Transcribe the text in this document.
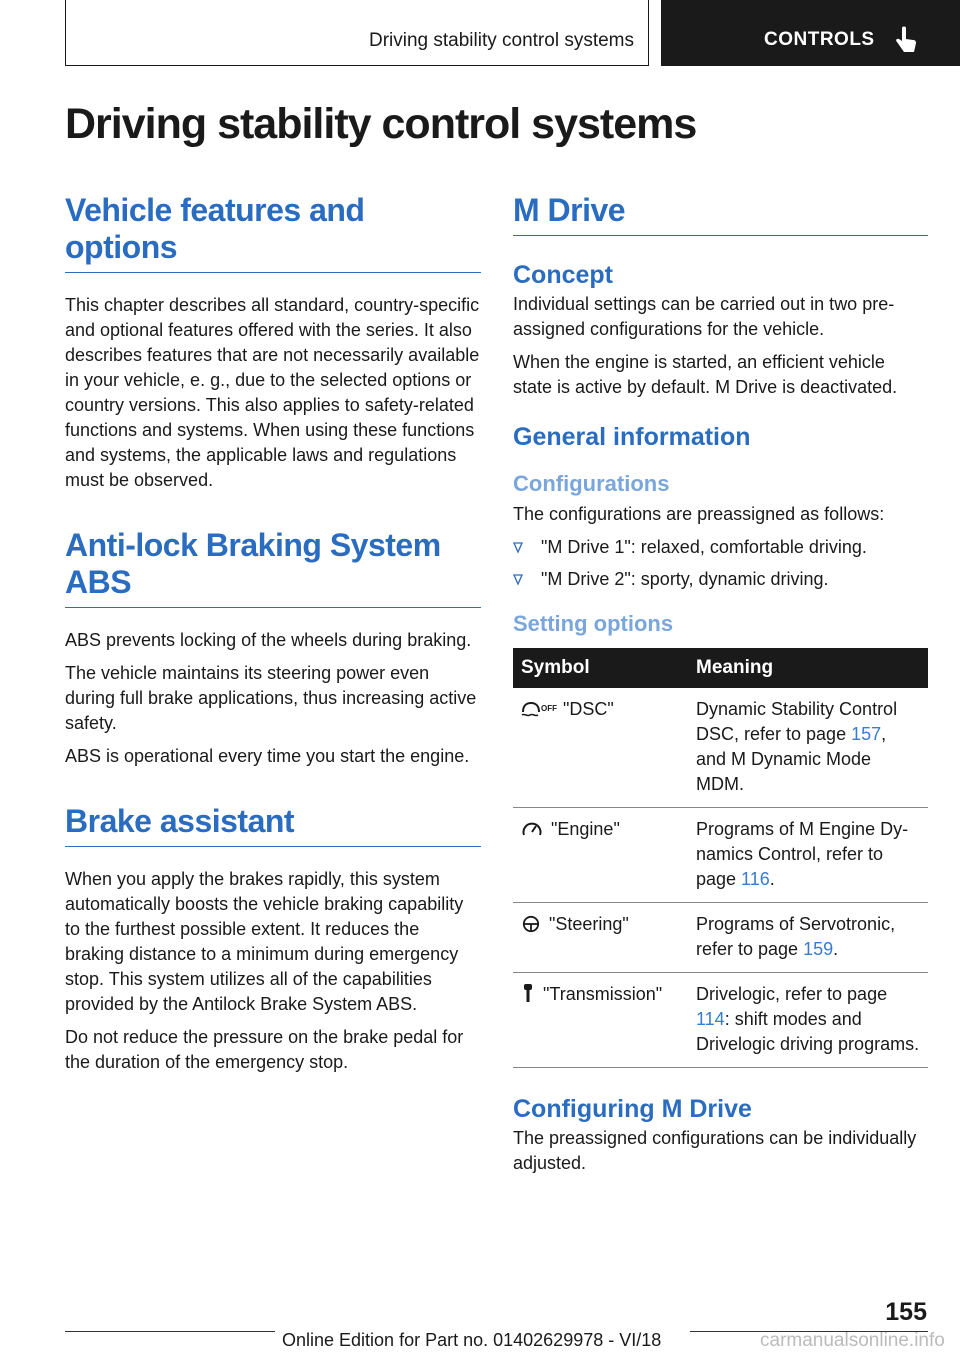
Driving stability control systems	CONTROLS
Driving stability control systems
Vehicle features and options

This chapter describes all standard, country-specific and optional features offered with the series. It also describes features that are not necessarily available in your vehicle, e. g., due to the selected options or country versions. This also applies to safety-related functions and systems. When using these functions and systems, the applicable laws and regulations must be observed.

Anti-lock Braking System ABS

ABS prevents locking of the wheels during braking.

The vehicle maintains its steering power even during full brake applications, thus increasing active safety.

ABS is operational every time you start the engine.

Brake assistant

When you apply the brakes rapidly, this system automatically boosts the vehicle braking capability to the furthest possible extent. It reduces the braking distance to a minimum during emergency stop. This system utilizes all of the capabilities provided by the Antilock Brake System ABS.

Do not reduce the pressure on the brake pedal for the duration of the emergency stop.

M Drive
Concept

Individual settings can be carried out in two preassigned configurations for the vehicle.

When the engine is started, an efficient vehicle state is active by default. M Drive is deactivated.

General information
Configurations

The configurations are preassigned as follows:

"M Drive 1": relaxed, comfortable driving.
"M Drive 2": sporty, dynamic driving.
Setting options
Symbol	Meaning

OFF "DSC"	Dynamic Stability Control DSC, refer to page 157, and M Dynamic Mode MDM.
"Engine"	Programs of M Engine Dynamics Control, refer to page 116.
"Steering"	Programs of Servotronic, refer to page 159.
"Transmission"	Drivelogic, refer to page 114: shift modes and Drivelogic driving programs.
Configuring M Drive

The preassigned configurations can be individually adjusted.

155
Online Edition for Part no. 01402629978 - VI/18	carmanualsonline.info
